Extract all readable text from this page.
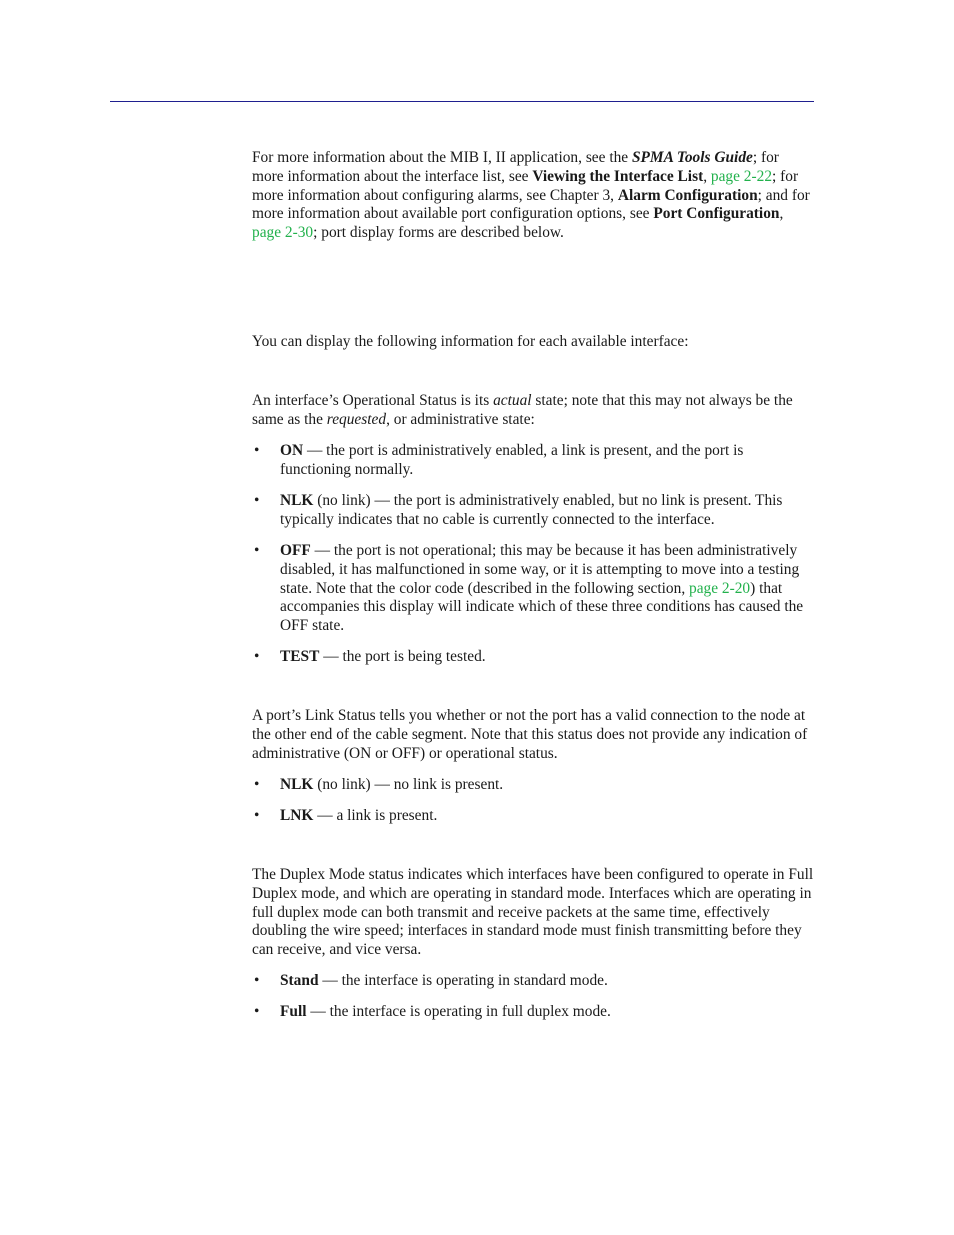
For more information about the MIB I, II application, see the SPMA Tools Guide; for more information about the interface list, see Viewing the Interface List, page 2-22; for more information about configuring alarms, see Chapter 3, Alarm Configuration; and for more information about available port configuration options, see Port Configuration, page 2-30; port display forms are described below.

You can display the following information for each available interface:

An interface’s Operational Status is its actual state; note that this may not always be the same as the requested, or administrative state:

• ON — the port is administratively enabled, a link is present, and the port is functioning normally.
• NLK (no link) — the port is administratively enabled, but no link is present. This typically indicates that no cable is currently connected to the interface.
• OFF — the port is not operational; this may be because it has been administratively disabled, it has malfunctioned in some way, or it is attempting to move into a testing state. Note that the color code (described in the following section, page 2-20) that accompanies this display will indicate which of these three conditions has caused the OFF state.
• TEST — the port is being tested.

A port’s Link Status tells you whether or not the port has a valid connection to the node at the other end of the cable segment. Note that this status does not provide any indication of administrative (ON or OFF) or operational status.

• NLK (no link) — no link is present.
• LNK — a link is present.

The Duplex Mode status indicates which interfaces have been configured to operate in Full Duplex mode, and which are operating in standard mode. Interfaces which are operating in full duplex mode can both transmit and receive packets at the same time, effectively doubling the wire speed; interfaces in standard mode must finish transmitting before they can receive, and vice versa.

• Stand — the interface is operating in standard mode.
• Full — the interface is operating in full duplex mode.
